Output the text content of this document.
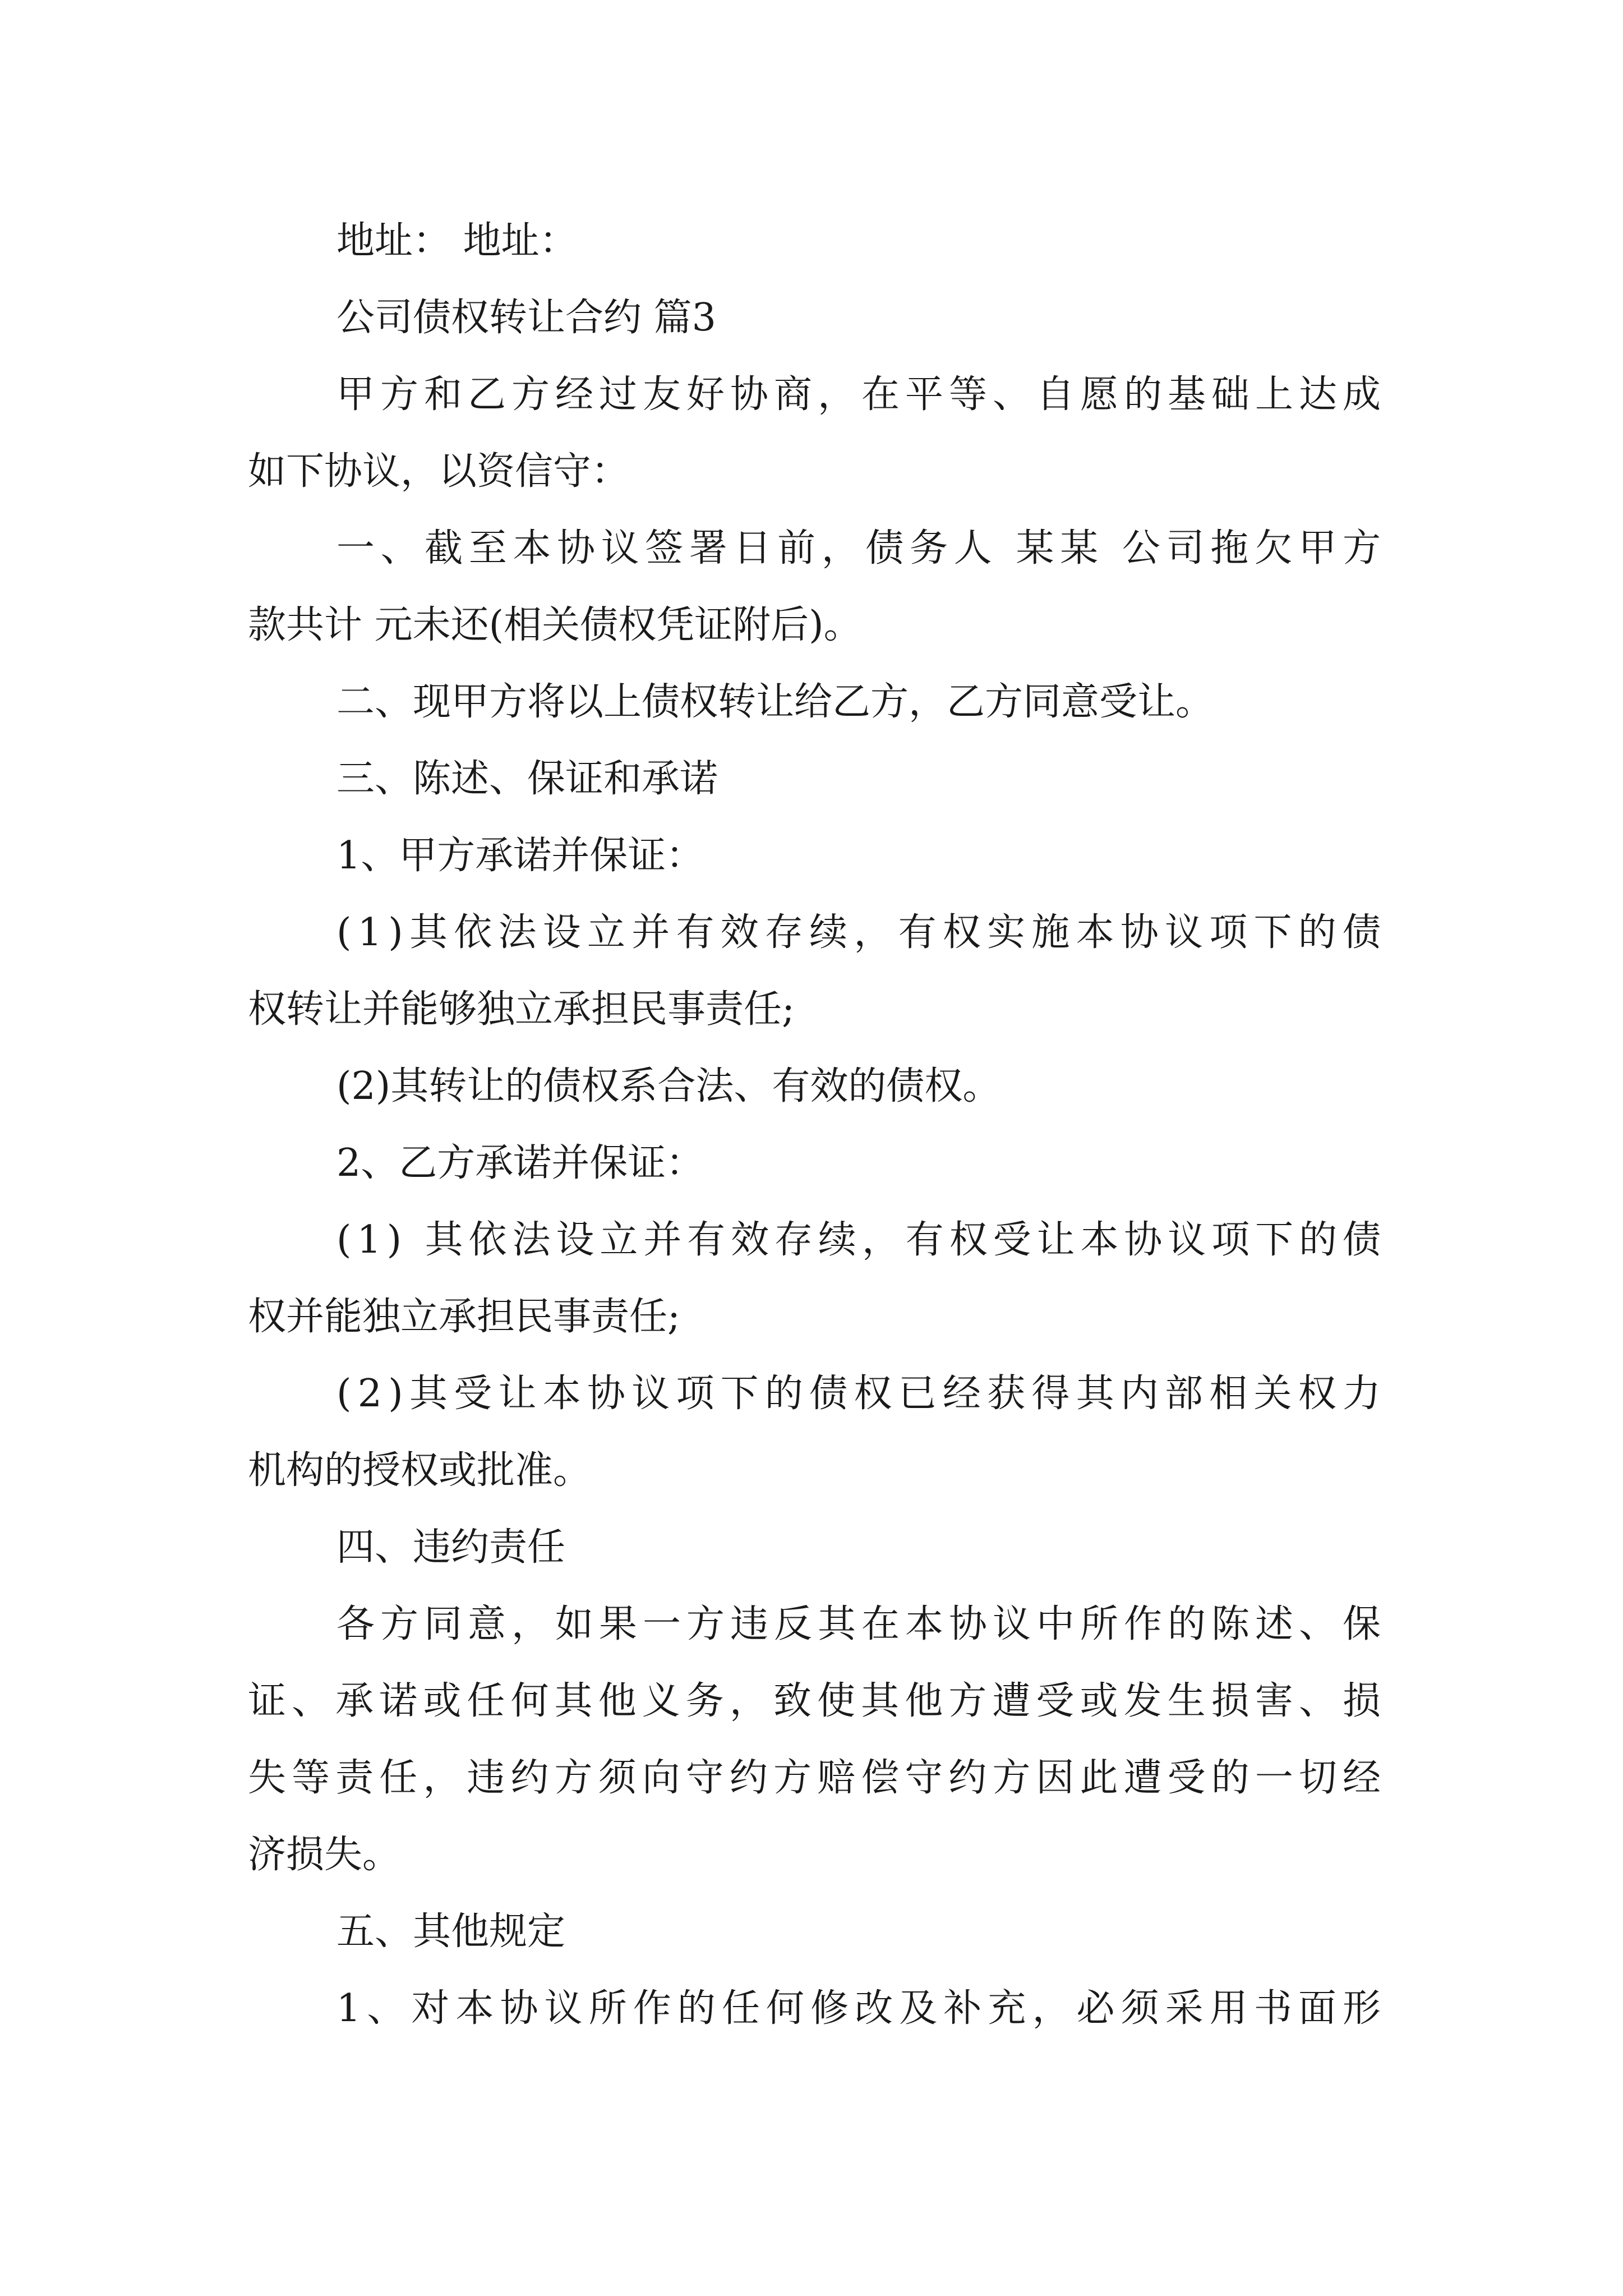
地址： 地址：
公司债权转让合约 篇3
甲方和乙方经过友好协商，在平等、自愿的基础上达成
如下协议，以资信守：
一、截至本协议签署日前，债务人 某某 公司拖欠甲方
款共计 元未还(相关债权凭证附后)。
二、现甲方将以上债权转让给乙方，乙方同意受让。
三、陈述、保证和承诺
1、甲方承诺并保证：
(1)其依法设立并有效存续，有权实施本协议项下的债
权转让并能够独立承担民事责任;
(2)其转让的债权系合法、有效的债权。
2、乙方承诺并保证：
(1) 其依法设立并有效存续，有权受让本协议项下的债
权并能独立承担民事责任;
(2)其受让本协议项下的债权已经获得其内部相关权力
机构的授权或批准。
四、违约责任
各方同意，如果一方违反其在本协议中所作的陈述、保
证、承诺或任何其他义务，致使其他方遭受或发生损害、损
失等责任，违约方须向守约方赔偿守约方因此遭受的一切经
济损失。
五、其他规定
1、对本协议所作的任何修改及补充，必须采用书面形
